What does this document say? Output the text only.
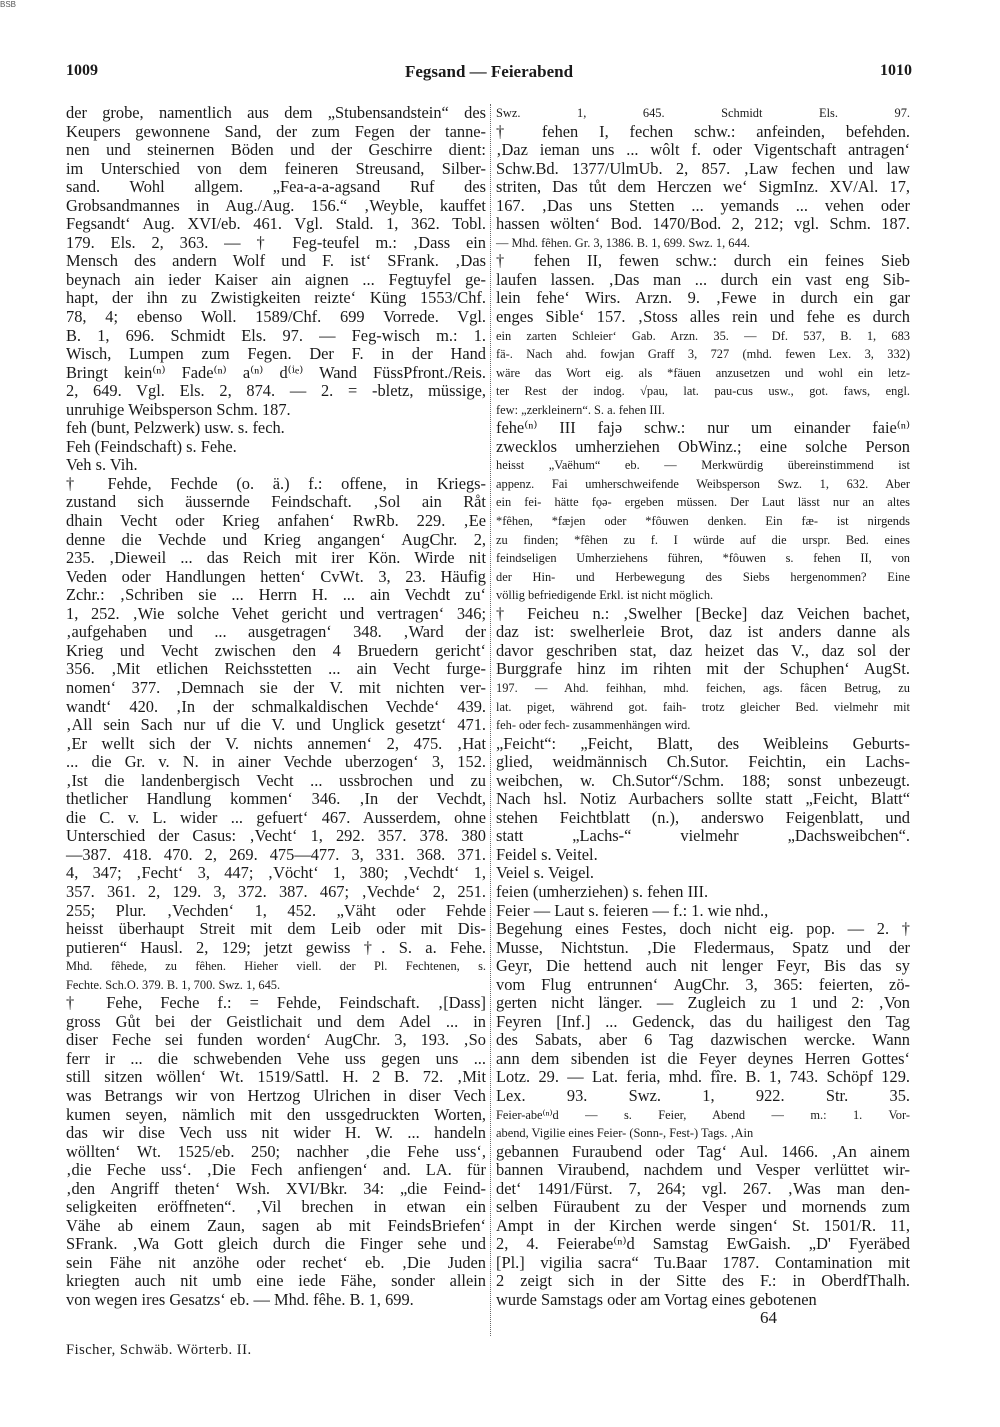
BSB
1009	Fegsand — Feierabend	1010
der grobe, namentlich aus dem „Stubensandstein“ des
Keupers gewonnene Sand, der zum Fegen der tanne-
nen und steinernen Böden und der Geschirre dient:
im Unterschied von dem feineren Streusand, Silber-
sand. Wohl allgem. „Fea-a-a-agsand Ruf des
Grobsandmannes in Aug./Aug. 156.“ ‚Weyble, kauffet
Fegsandt‘ Aug. XVI/eb. 461. Vgl. Stald. 1, 362. Tobl.
179. Els. 2, 363. — † Feg-teufel m.: ‚Dass ein
Mensch des andern Wolf und F. ist‘ SFrank. ‚Das
beynach ain ieder Kaiser ain aignen ... Fegtuyfel ge-
hapt, der ihn zu Zwistigkeiten reizte‘ Küng 1553/Chf.
78, 4; ebenso Woll. 1589/Chf. 699 Vorrede. Vgl.
B. 1, 696. Schmidt Els. 97. — Feg-wisch m.: 1.
Wisch, Lumpen zum Fegen. Der F. in der Hand
Bringt kein⁽ⁿ⁾ Fade⁽ⁿ⁾ a⁽ⁿ⁾ d⁽ⁱᵉ⁾ Wand FüssPfront./Reis.
2, 649. Vgl. Els. 2, 874. — 2. = -bletz, müssige,
unruhige Weibsperson Schm. 187.
feh (bunt, Pelzwerk) usw. s. fech.
Feh (Feindschaft) s. Fehe.
Veh s. Vih.
† Fehde, Fechde (o. ä.) f.: offene, in Kriegs-
zustand sich äussernde Feindschaft. ‚Sol ain Råt
dhain Vecht oder Krieg anfahen‘ RwRb. 229. ‚Ee
denne die Vechde und Krieg angangen‘ AugChr. 2,
235. ‚Dieweil ... das Reich mit irer Kön. Wirde nit
Veden oder Handlungen hetten‘ CvWt. 3, 23. Häufig
Zchr.: ‚Schriben sie ... Herrn H. ... ain Vechdt zu‘
1, 252. ‚Wie solche Vehet gericht und vertragen‘ 346;
‚aufgehaben und ... ausgetragen‘ 348. ‚Ward der
Krieg und Vecht zwischen den 4 Bruedern gericht‘
356. ‚Mit etlichen Reichsstetten ... ain Vecht furge-
nomen‘ 377. ‚Demnach sie der V. mit nichten ver-
wandt‘ 420. ‚In der schmalkaldischen Vechde‘ 439.
‚All sein Sach nur uf die V. und Unglick gesetzt‘ 471.
‚Er wellt sich der V. nichts annemen‘ 2, 475. ‚Hat
... die Gr. v. N. in ainer Vechde uberzogen‘ 3, 152.
‚Ist die landenbergisch Vecht ... ussbrochen und zu
thetlicher Handlung kommen‘ 346. ‚In der Vechdt,
die C. v. L. wider ... gefuert‘ 467. Ausserdem, ohne
Unterschied der Casus: ‚Vecht‘ 1, 292. 357. 378. 380
—387. 418. 470. 2, 269. 475—477. 3, 331. 368. 371.
4, 347; ‚Fecht‘ 3, 447; ‚Vöcht‘ 1, 380; ‚Vechdt‘ 1,
357. 361. 2, 129. 3, 372. 387. 467; ‚Vechde‘ 2, 251.
255; Plur. ‚Vechden‘ 1, 452. „Väht oder Fehde
heisst überhaupt Streit mit dem Leib oder mit Dis-
putieren“ Hausl. 2, 129; jetzt gewiss †. S. a. Fehe.
Mhd. fêhede, zu fêhen. Hieher viell. der Pl. Fechtenen, s.
Fechte. Sch.O. 379. B. 1, 700. Swz. 1, 645.
† Fehe, Feche f.: = Fehde, Feindschaft. ‚[Dass]
gross Gůt bei der Geistlichait und dem Adel ... in
diser Feche sei funden worden‘ AugChr. 3, 193. ‚So
ferr ir ... die schwebenden Vehe uss gegen uns ...
still sitzen wöllen‘ Wt. 1519/Sattl. H. 2 B. 72. ‚Mit
was Betrangs wir von Hertzog Ulrichen in diser Vech
kumen seyen, nämlich mit den ussgedruckten Worten,
das wir dise Vech uss nit wider H. W. ... handeln
wöllten‘ Wt. 1525/eb. 250; nachher ‚die Fehe uss‘,
‚die Feche uss‘. ‚Die Fech anfiengen‘ and. LA. für
‚den Angriff theten‘ Wsh. XVI/Bkr. 34: „die Feind-
seligkeiten eröffneten“. ‚Vil brechen in etwan ein
Vähe ab einem Zaun, sagen ab mit FeindsBriefen‘
SFrank. ‚Wa Gott gleich durch die Finger sehe und
sein Fähe nit anzöhe oder rechet‘ eb. ‚Die Juden
kriegten auch nit umb eine iede Fähe, sonder allein
von wegen ires Gesatzs‘ eb. — Mhd. fêhe. B. 1, 699.
Swz. 1, 645. Schmidt Els. 97.
† fehen I, fechen schw.: anfeinden, befehden.
‚Daz ieman uns ... wôlt f. oder Vigentschaft antragen‘
Schw.Bd. 1377/UlmUb. 2, 857. ‚Law fechen und law
striten, Das tůt dem Herczen we‘ SigmInz. XV/Al. 17,
167. ‚Das uns Stetten ... yemands ... vehen oder
hassen wölten‘ Bod. 1470/Bod. 2, 212; vgl. Schm. 187.
— Mhd. fêhen. Gr. 3, 1386. B. 1, 699. Swz. 1, 644.
† fehen II, fewen schw.: durch ein feines Sieb
laufen lassen. ‚Das man ... durch ein vast eng Sib-
lein fehe‘ Wirs. Arzn. 9. ‚Fewe in durch ein gar
enges Sible‘ 157. ‚Stoss alles rein und fehe es durch
ein zarten Schleier‘ Gab. Arzn. 35. — Df. 537, B. 1, 683
fä-. Nach ahd. fowjan Graff 3, 727 (mhd. fewen Lex. 3, 332)
wäre das Wort eig. als *fäuen anzusetzen und wohl ein letz-
ter Rest der indog. √pau, lat. pau-cus usw., got. faws, engl.
few: „zerkleinern“. S. a. fehen III.
fehe⁽ⁿ⁾ III fajə schw.: nur um einander faie⁽ⁿ⁾
zwecklos umherziehen ObWinz.; eine solche Person
heisst „Vaëhum“ eb. — Merkwürdig übereinstimmend ist
appenz. Fai umherschweifende Weibsperson Swz. 1, 632. Aber
ein fei- hätte fǫə- ergeben müssen. Der Laut lässt nur an altes
*fêhen, *fæjen oder *fôuwen denken. Ein fæ- ist nirgends
zu finden; *fêhen zu f. I würde auf die urspr. Bed. eines
feindseligen Umherziehens führen, *fôuwen s. fehen II, von
der Hin- und Herbewegung des Siebs hergenommen? Eine
völlig befriedigende Erkl. ist nicht möglich.
† Feicheu n.: ‚Swelher [Becke] daz Veichen bachet,
daz ist: swelherleie Brot, daz ist anders danne als
davor geschriben stat, daz heizet das V., daz sol der
Burggrafe hinz im rihten mit der Schuphen‘ AugSt.
197. — Ahd. feihhan, mhd. feichen, ags. fâcen Betrug, zu
lat. piget, während got. faih- trotz gleicher Bed. vielmehr mit
feh- oder fech- zusammenhängen wird.
„Feicht“: „Feicht, Blatt, des Weibleins Geburts-
glied, weidmännisch Ch.Sutor. Feichtin, ein Lachs-
weibchen, w. Ch.Sutor“/Schm. 188; sonst unbezeugt.
Nach hsl. Notiz Aurbachers sollte statt „Feicht, Blatt“
stehen Feichtblatt (n.), anderswo Feigenblatt, und
statt „Lachs-“ vielmehr „Dachsweibchen“.
Feidel s. Veitel.
Veiel s. Veigel.
feien (umherziehen) s. fehen III.
Feier — Laut s. feieren — f.: 1. wie nhd.,
Begehung eines Festes, doch nicht eig. pop. — 2. †
Musse, Nichtstun. ‚Die Fledermaus, Spatz und der
Geyr, Die hettend auch nit lenger Feyr, Bis das sy
vom Flug entrunnen‘ AugChr. 3, 365: feierten, zö-
gerten nicht länger. — Zugleich zu 1 und 2: ‚Von
Feyren [Inf.] ... Gedenck, das du hailigest den Tag
des Sabats, aber 6 Tag dazwischen wercke. Wann
ann dem sibenden ist die Feyer deynes Herren Gottes‘
Lotz. 29. — Lat. feria, mhd. fîre. B. 1, 743. Schöpf 129.
Lex. 93. Swz. 1, 922. Str. 35.
Feier-abe⁽ⁿ⁾d — s. Feier, Abend — m.: 1. Vor-
abend, Vigilie eines Feier- (Sonn-, Fest-) Tags. ‚Ain
gebannen Furaubend oder Tag‘ Aul. 1466. ‚An ainem
bannen Viraubend, nachdem und Vesper verlüttet wir-
det‘ 1491/Fürst. 7, 264; vgl. 267. ‚Was man den-
selben Füraubent zu der Vesper und mornends zum
Ampt in der Kirchen werde singen‘ St. 1501/R. 11,
2, 4. Feierabe⁽ⁿ⁾d Samstag EwGaish. „D' Fyeräbed
[Pl.] vigilia sacra“ Tu.Baar 1787. Contamination mit
2 zeigt sich in der Sitte des F.: in OberdfThalh.
wurde Samstags oder am Vortag eines gebotenen
Fischer, Schwäb. Wörterb. II.
64
